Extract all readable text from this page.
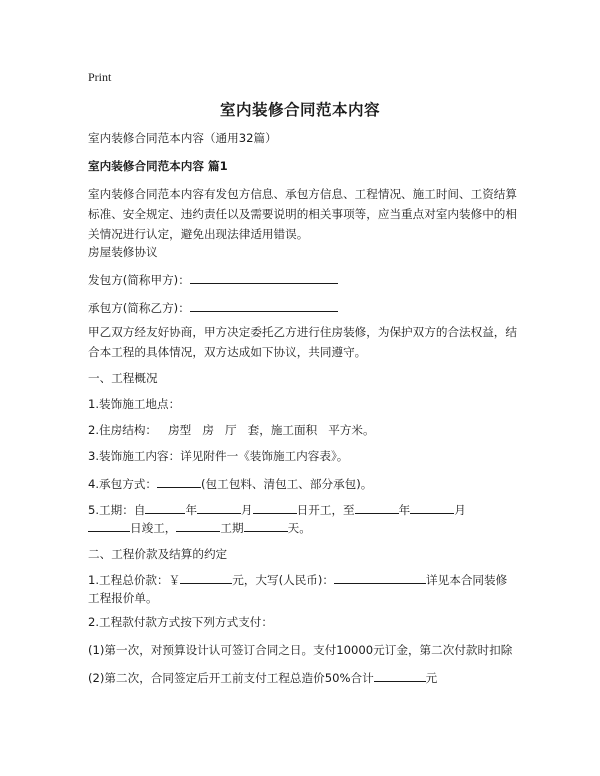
Print
室内装修合同范本内容
室内装修合同范本内容（通用32篇）
室内装修合同范本内容 篇1
室内装修合同范本内容有发包方信息、承包方信息、工程情况、施工时间、工资结算标准、安全规定、违约责任以及需要说明的相关事项等，应当重点对室内装修中的相关情况进行认定，避免出现法律适用错误。
房屋装修协议
发包方(简称甲方)：
承包方(简称乙方)：
甲乙双方经友好协商，甲方决定委托乙方进行住房装修，为保护双方的合法权益，结合本工程的具体情况，双方达成如下协议，共同遵守。
一、工程概况
1.装饰施工地点：
2.住房结构：   房型   房   厅   套，施工面积   平方米。
3.装饰施工内容：详见附件一《装饰施工内容表》。
4.承包方式：	(包工包料、清包工、部分承包)。
5.工期：自	年	月	日开工，至	年	月
日竣工，	工期	天。
二、工程价款及结算的约定
1.工程总价款：￥	元，大写(人民币)：	详见本合同装修
工程报价单。
2.工程款付款方式按下列方式支付：
(1)第一次，对预算设计认可签订合同之日。支付10000元订金，第二次付款时扣除
(2)第二次，合同签定后开工前支付工程总造价50%合计	元
